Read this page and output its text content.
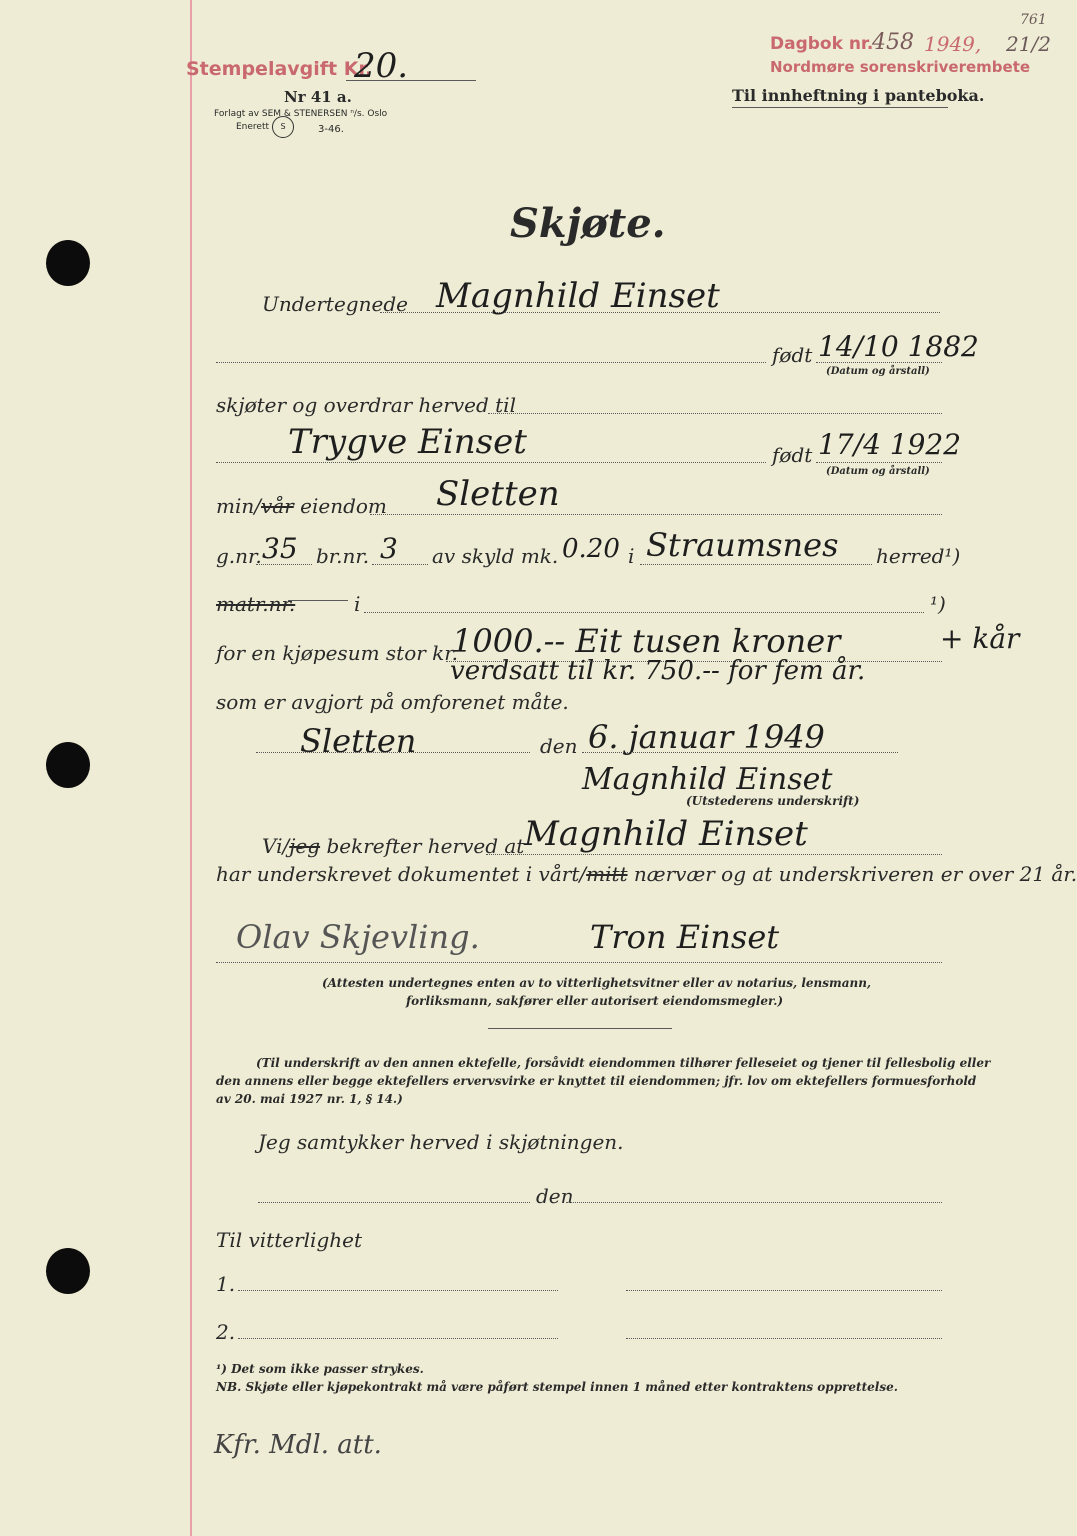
Stempelavgift Kr.
20.
Nr 41 a.
Forlagt av SEM & STENERSEN ⁿ/s. Oslo
Enerett	S	3-46.
Dagbok nr.
458 1949, 21/2
761
Nordmøre sorenskriverembete
Til innheftning i panteboka.
Skjøte.
Undertegnede Magnhild Einset
født 14/10 1882
(Datum og årstall)
skjøter og overdrar herved til
Trygve Einset	født 17/4 1922
(Datum og årstall)
min/vår eiendom Sletten
g.nr. 35 br.nr. 3 av skyld mk. 0.20 i Straumsnes herred¹)
matr.nr.	i	¹)
for en kjøpesum stor kr.
1000.-- Eit tusen kroner	+ kår
verdsatt til kr. 750.-- for fem år.
som er avgjort på omforenet måte.
Sletten	den 6. januar 1949
Magnhild Einset
(Utstederens underskrift)
Vi/jeg bekrefter herved at Magnhild Einset
har underskrevet dokumentet i vårt/mitt nærvær og at underskriveren er over 21 år.
Olav Skjevling.	Tron Einset
(Attesten undertegnes enten av to vitterlighetsvitner eller av notarius, lensmann,
forliksmann, sakfører eller autorisert eiendomsmegler.)
(Til underskrift av den annen ektefelle, forsåvidt eiendommen tilhører felleseiet og tjener til fellesbolig eller
den annens eller begge ektefellers ervervsvirke er knyttet til eiendommen; jfr. lov om ektefellers formuesforhold
av 20. mai 1927 nr. 1, § 14.)
Jeg samtykker herved i skjøtningen.
den
Til vitterlighet
1.
2.
¹) Det som ikke passer strykes.
NB. Skjøte eller kjøpekontrakt må være påført stempel innen 1 måned etter kontraktens opprettelse.
Kfr. Mdl. att.
